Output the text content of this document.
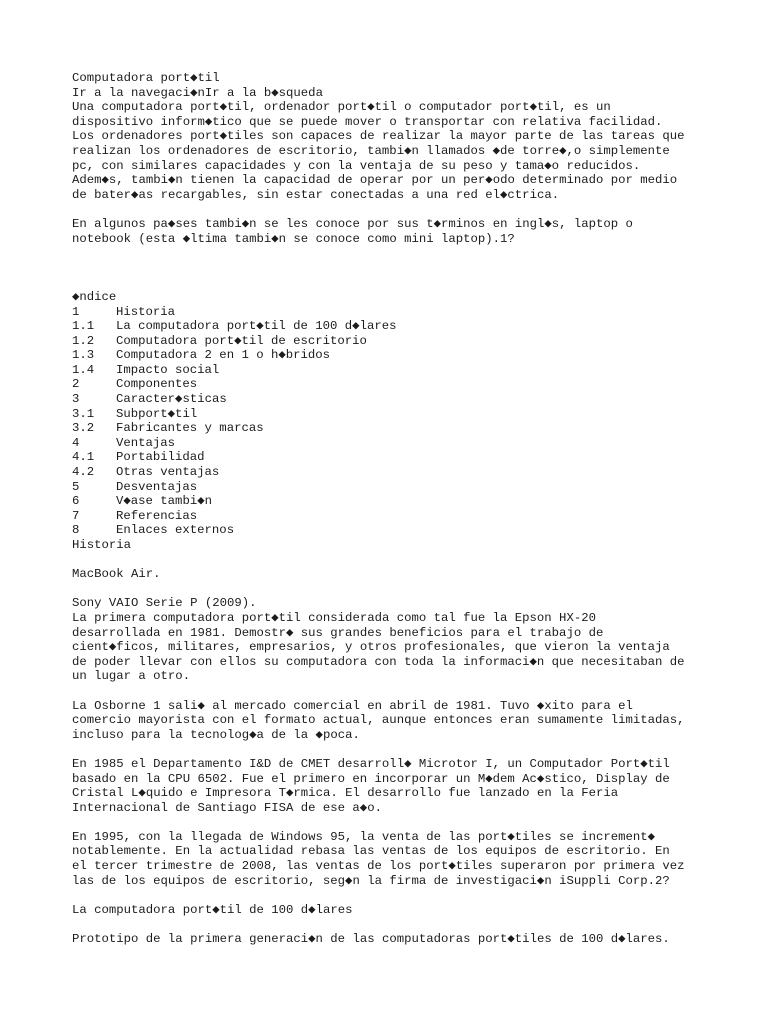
Computadora port◆til
Ir a la navegaci◆nIr a la b◆squeda
Una computadora port◆til, ordenador port◆til o computador port◆til, es un
dispositivo inform◆tico que se puede mover o transportar con relativa facilidad.
Los ordenadores port◆tiles son capaces de realizar la mayor parte de las tareas que
realizan los ordenadores de escritorio, tambi◆n llamados ◆de torre◆,o simplemente
pc, con similares capacidades y con la ventaja de su peso y tama◆o reducidos.
Adem◆s, tambi◆n tienen la capacidad de operar por un per◆odo determinado por medio
de bater◆as recargables, sin estar conectadas a una red el◆ctrica.
En algunos pa◆ses tambi◆n se les conoce por sus t◆rminos en ingl◆s, laptop o
notebook (esta ◆ltima tambi◆n se conoce como mini laptop).1?
◆ndice
1	Historia
1.1 La computadora port◆til de 100 d◆lares
1.2 Computadora port◆til de escritorio
1.3 Computadora 2 en 1 o h◆bridos
1.4 Impacto social
2	Componentes
3	Caracter◆sticas
3.1 Subport◆til
3.2 Fabricantes y marcas
4	Ventajas
4.1 Portabilidad
4.2 Otras ventajas
5	Desventajas
6	V◆ase tambi◆n
7	Referencias
8	Enlaces externos
Historia
MacBook Air.
Sony VAIO Serie P (2009).
La primera computadora port◆til considerada como tal fue la Epson HX-20
desarrollada en 1981. Demostr◆ sus grandes beneficios para el trabajo de
cient◆ficos, militares, empresarios, y otros profesionales, que vieron la ventaja
de poder llevar con ellos su computadora con toda la informaci◆n que necesitaban de
un lugar a otro.
La Osborne 1 sali◆ al mercado comercial en abril de 1981. Tuvo ◆xito para el
comercio mayorista con el formato actual, aunque entonces eran sumamente limitadas,
incluso para la tecnolog◆a de la ◆poca.
En 1985 el Departamento I&D de CMET desarroll◆ Microtor I, un Computador Port◆til
basado en la CPU 6502. Fue el primero en incorporar un M◆dem Ac◆stico, Display de
Cristal L◆quido e Impresora T◆rmica. El desarrollo fue lanzado en la Feria
Internacional de Santiago FISA de ese a◆o.
En 1995, con la llegada de Windows 95, la venta de las port◆tiles se increment◆
notablemente. En la actualidad rebasa las ventas de los equipos de escritorio. En
el tercer trimestre de 2008, las ventas de los port◆tiles superaron por primera vez
las de los equipos de escritorio, seg◆n la firma de investigaci◆n iSuppli Corp.2?
La computadora port◆til de 100 d◆lares
Prototipo de la primera generaci◆n de las computadoras port◆tiles de 100 d◆lares.
